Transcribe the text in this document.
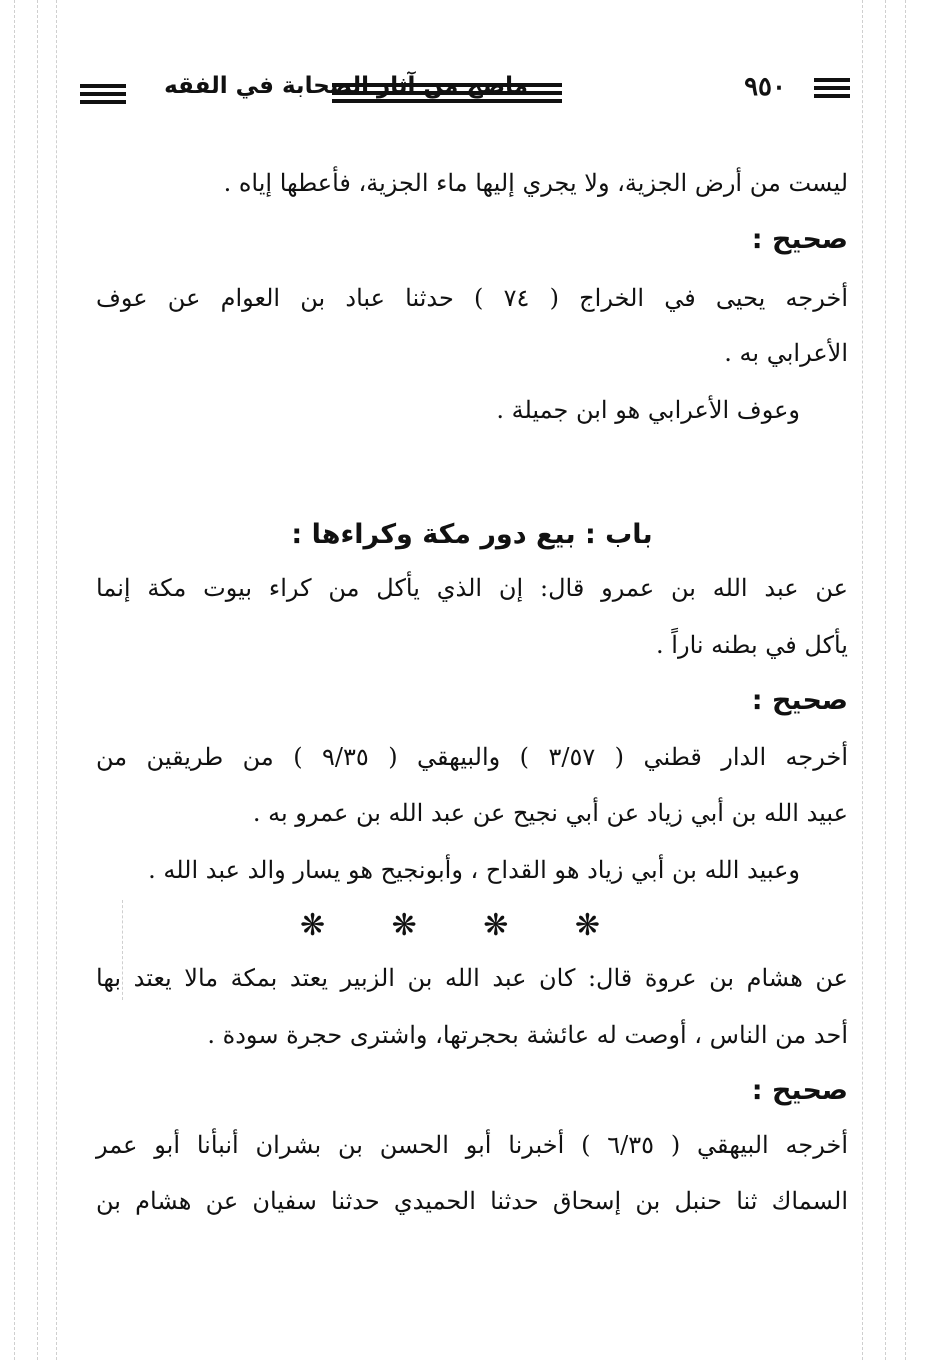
٩٥٠
ماصح من آثار الصحابة في الفقه
ليست من أرض الجزية، ولا يجري إليها ماء الجزية، فأعطها إياه .
صحيح :
أخرجه يحيى في الخراج ( ٧٤ ) حدثنا عباد بن العوام عن عوف
الأعرابي به .
وعوف الأعرابي هو ابن جميلة .
باب : بيع دور مكة وكراءها :
عن عبد الله بن عمرو قال: إن الذي يأكل من كراء بيوت مكة إنما
يأكل في بطنه ناراً .
صحيح :
أخرجه الدار قطني ( ٣/٥٧ ) والبيهقي ( ٩/٣٥ ) من طريقين من
عبيد الله بن أبي زياد عن أبي نجيح عن عبد الله بن عمرو به .
وعبيد الله بن أبي زياد هو القداح ، وأبونجيح هو يسار والد عبد الله .
عن هشام بن عروة قال: كان عبد الله بن الزبير يعتد بمكة مالا يعتد بها
أحد من الناس ، أوصت له عائشة بحجرتها، واشترى حجرة سودة .
صحيح :
أخرجه البيهقي ( ٦/٣٥ ) أخبرنا أبو الحسن بن بشران أنبأنا أبو عمر
السماك ثنا حنبل بن إسحاق حدثنا الحميدي حدثنا سفيان عن هشام بن
❋
❋
❋
❋
